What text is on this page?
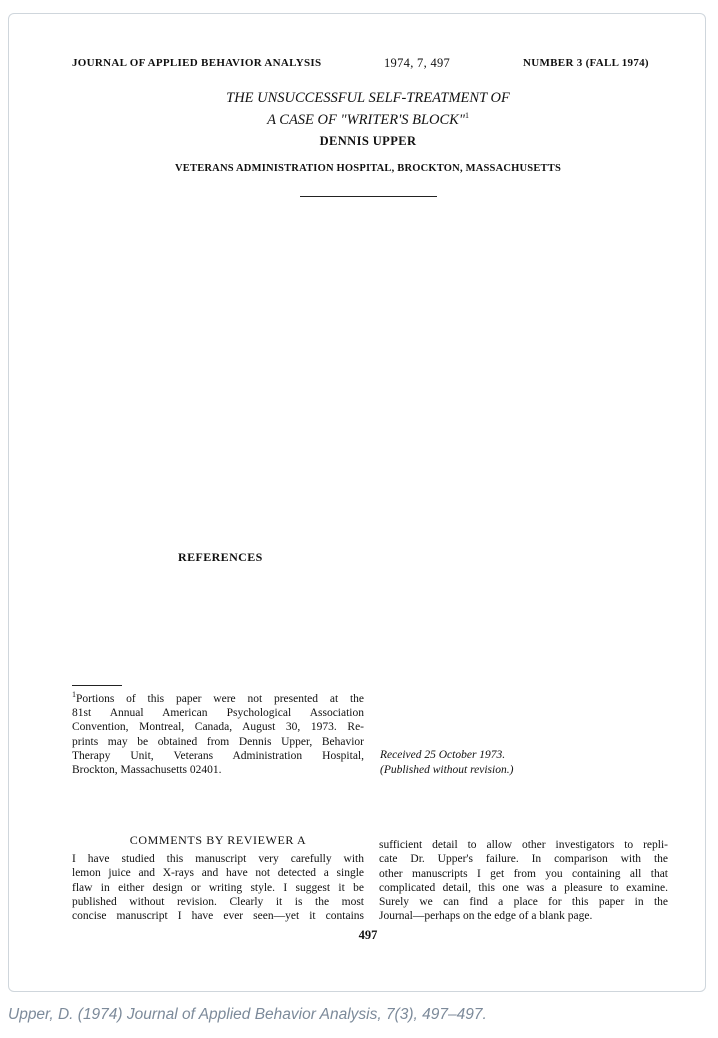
JOURNAL OF APPLIED BEHAVIOR ANALYSIS	1974, 7, 497	NUMBER 3 (FALL 1974)
THE UNSUCCESSFUL SELF-TREATMENT OF
A CASE OF "WRITER'S BLOCK"$^1$
DENNIS UPPER
VETERANS ADMINISTRATION HOSPITAL, BROCKTON, MASSACHUSETTS
REFERENCES
$^1$Portions of this paper were not presented at the
81st Annual American Psychological Association
Convention, Montreal, Canada, August 30, 1973. Re-
prints may be obtained from Dennis Upper, Behavior
Therapy Unit, Veterans Administration Hospital,
Brockton, Massachusetts 02401.
Received 25 October 1973.
(Published without revision.)
COMMENTS BY REVIEWER A
I have studied this manuscript very carefully with
lemon juice and X-rays and have not detected a single
flaw in either design or writing style. I suggest it be
published without revision. Clearly it is the most
concise manuscript I have ever seen—yet it contains
sufficient detail to allow other investigators to repli-
cate Dr. Upper's failure. In comparison with the
other manuscripts I get from you containing all that
complicated detail, this one was a pleasure to examine.
Surely we can find a place for this paper in the
Journal—perhaps on the edge of a blank page.
497
Upper, D. (1974) Journal of Applied Behavior Analysis, 7(3), 497–497.
